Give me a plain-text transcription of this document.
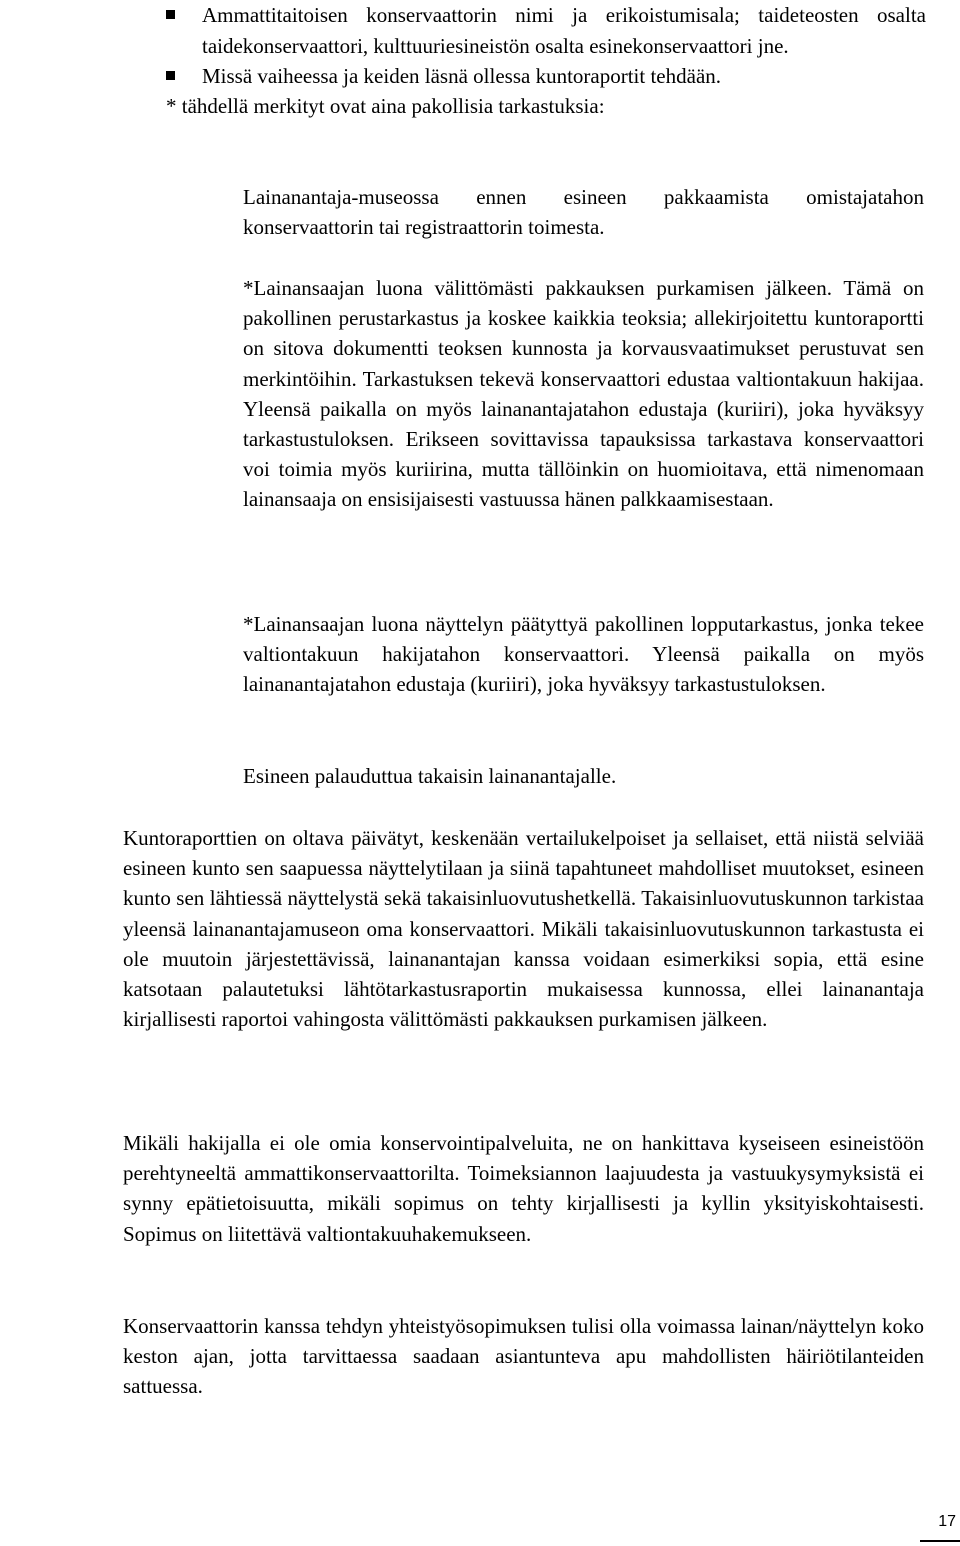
Ammattitaitoisen konservaattorin nimi ja erikoistumisala; taideteosten osalta taidekonservaattori, kulttuuriesineistön osalta esinekonservaattori jne.
Missä vaiheessa ja keiden läsnä ollessa kuntoraportit tehdään.
* tähdellä merkityt ovat aina pakollisia tarkastuksia:

Lainanantaja-museossa ennen esineen pakkaamista omistajatahon konservaattorin tai registraattorin toimesta.

*Lainansaajan luona välittömästi pakkauksen purkamisen jälkeen. Tämä on pakollinen perustarkastus ja koskee kaikkia teoksia; allekirjoitettu kuntoraportti on sitova dokumentti teoksen kunnosta ja korvausvaatimukset perustuvat sen merkintöihin. Tarkastuksen tekevä konservaattori edustaa valtiontakuun hakijaa. Yleensä paikalla on myös lainanantajatahon edustaja (kuriiri), joka hyväksyy tarkastustuloksen. Erikseen sovittavissa tapauksissa tarkastava konservaattori voi toimia myös kuriirina, mutta tällöinkin on huomioitava, että nimenomaan lainansaaja on ensisijaisesti vastuussa hänen palkkaamisestaan.

*Lainansaajan luona näyttelyn päätyttyä pakollinen lopputarkastus, jonka tekee valtiontakuun hakijatahon konservaattori. Yleensä paikalla on myös lainanantajatahon edustaja (kuriiri), joka hyväksyy tarkastustuloksen.

Esineen palauduttua takaisin lainanantajalle.

Kuntoraporttien on oltava päivätyt, keskenään vertailukelpoiset ja sellaiset, että niistä selviää esineen kunto sen saapuessa näyttelytilaan ja siinä tapahtuneet mahdolliset muutokset, esineen kunto sen lähtiessä näyttelystä sekä takaisinluovutushetkellä. Takaisinluovutuskunnon tarkistaa yleensä lainanantajamuseon oma konservaattori. Mikäli takaisinluovutuskunnon tarkastusta ei ole muutoin järjestettävissä, lainanantajan kanssa voidaan esimerkiksi sopia, että esine katsotaan palautetuksi lähtötarkastusraportin mukaisessa kunnossa, ellei lainanantaja kirjallisesti raportoi vahingosta välittömästi pakkauksen purkamisen jälkeen.

Mikäli hakijalla ei ole omia konservointipalveluita, ne on hankittava kyseiseen esineistöön perehtyneeltä ammattikonservaattorilta. Toimeksiannon laajuudesta ja vastuukysymyksistä ei synny epätietoisuutta, mikäli sopimus on tehty kirjallisesti ja kyllin yksityiskohtaisesti. Sopimus on liitettävä valtiontakuuhakemukseen.

Konservaattorin kanssa tehdyn yhteistyösopimuksen tulisi olla voimassa lainan/näyttelyn koko keston ajan, jotta tarvittaessa saadaan asiantunteva apu mahdollisten häiriötilanteiden sattuessa.

17
